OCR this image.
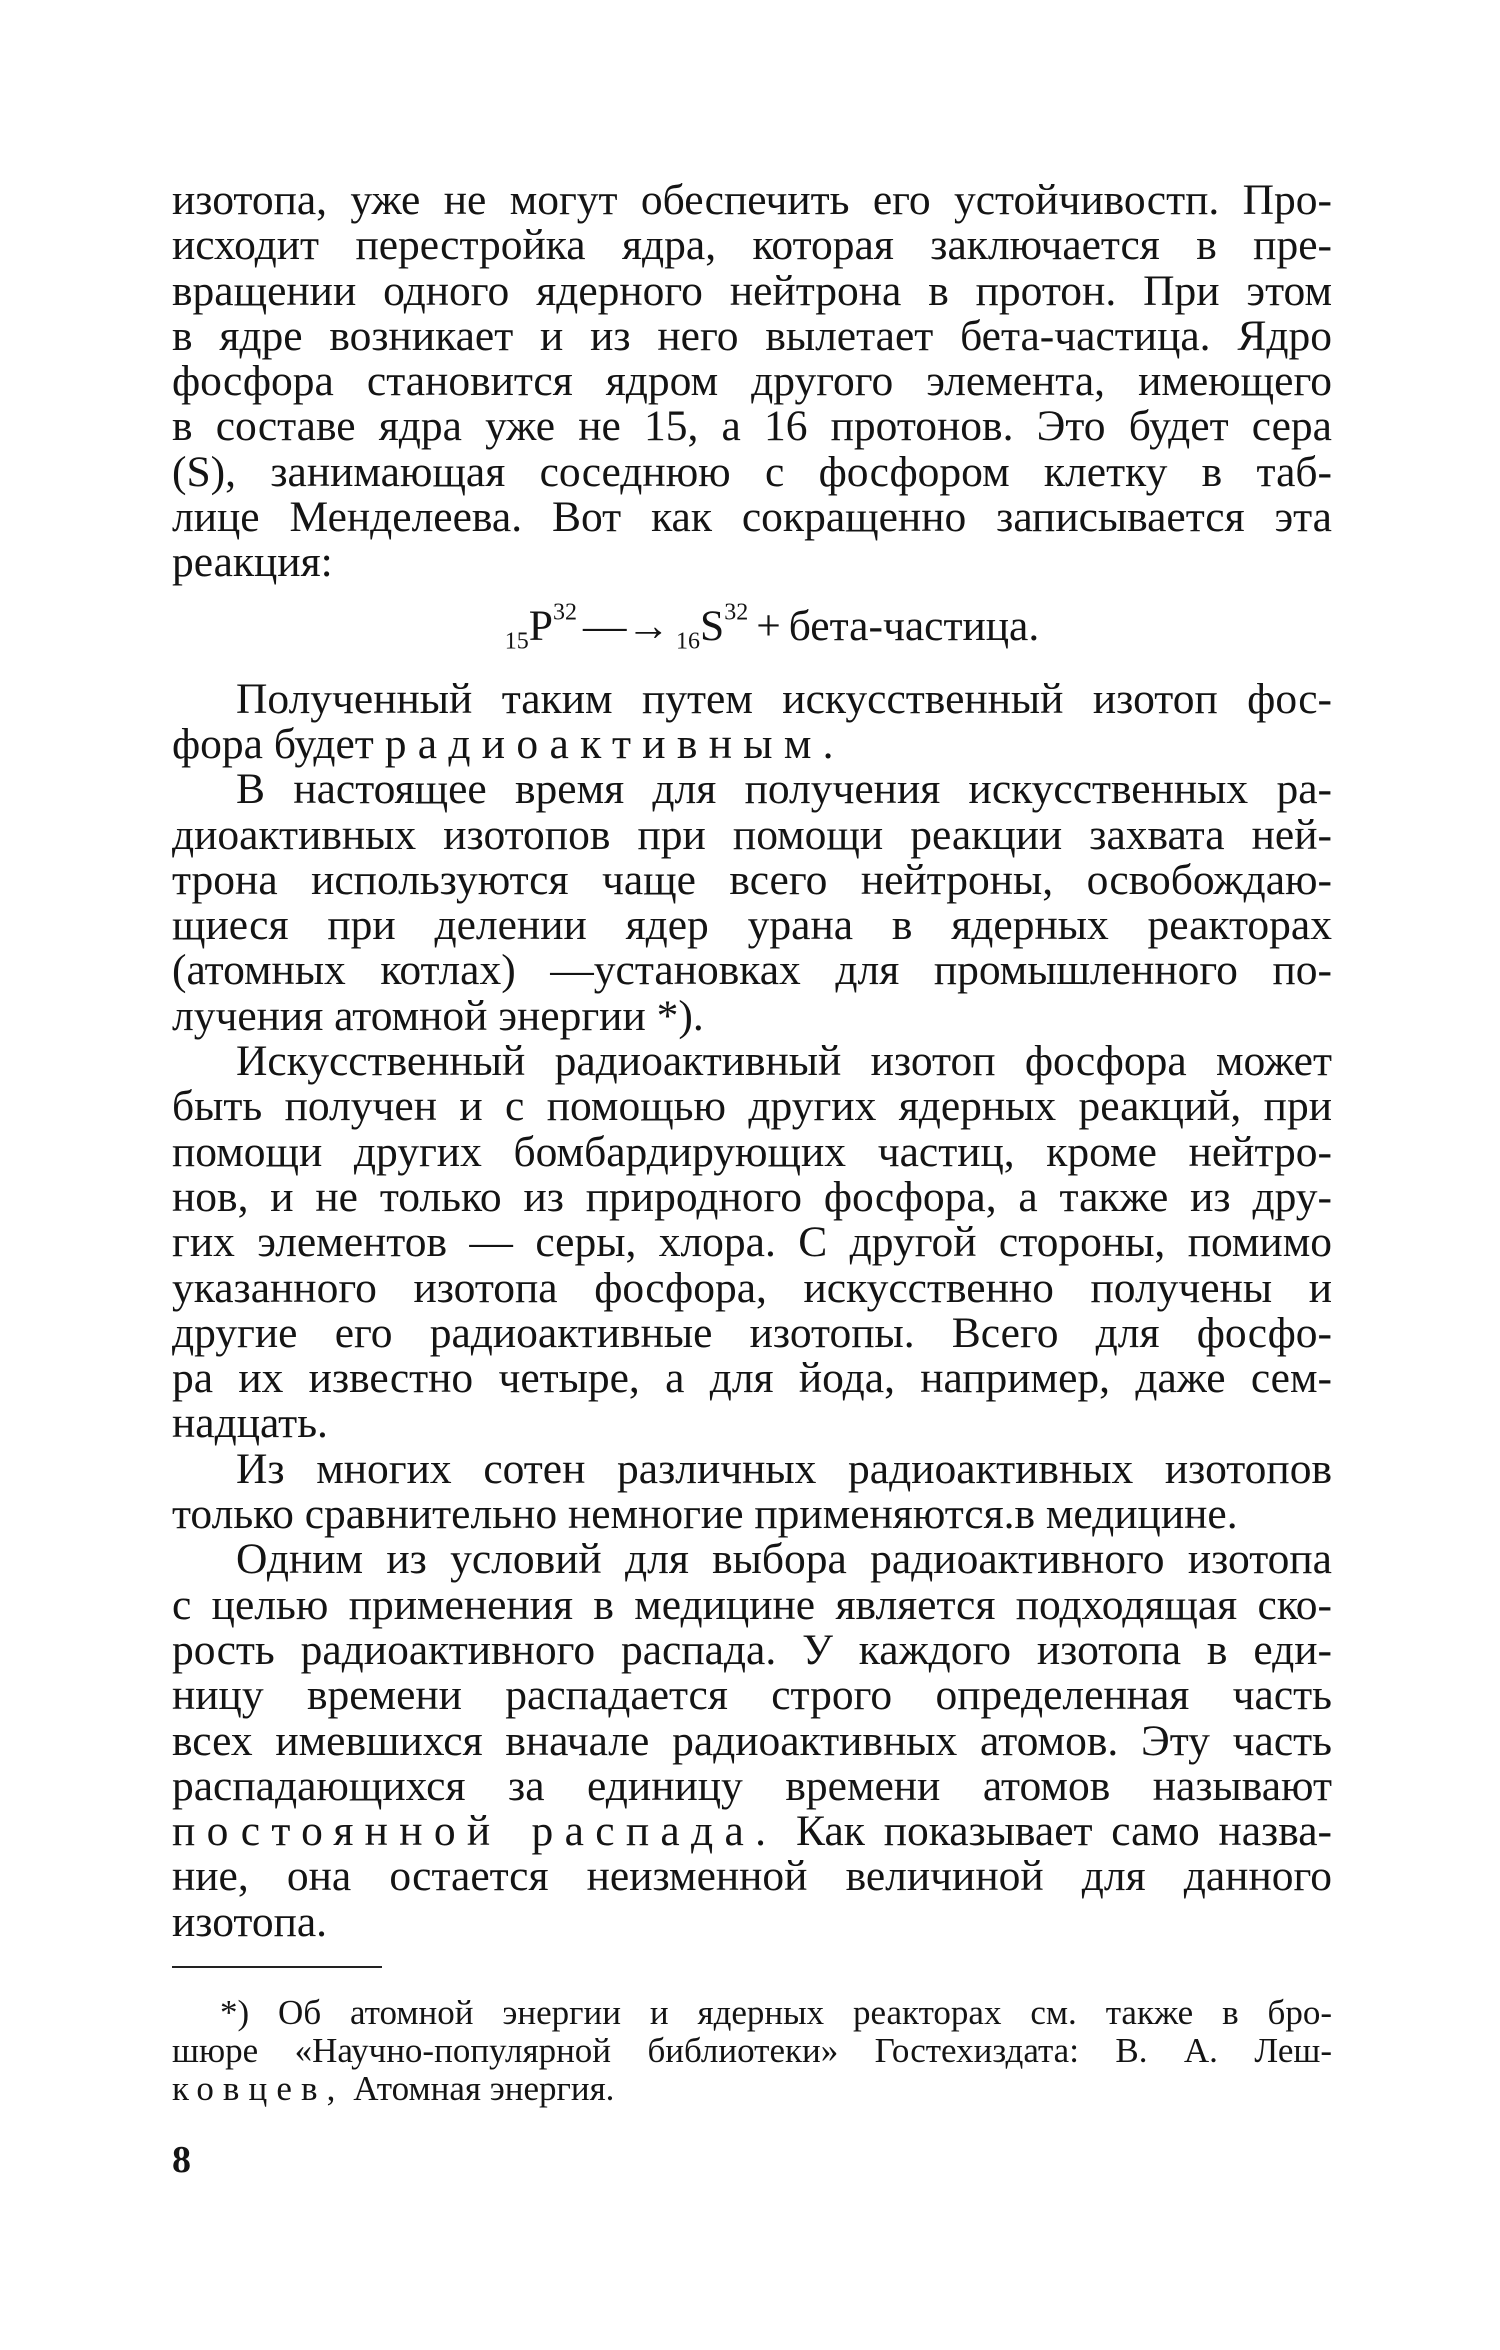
изотопа, уже не могут обеспечить его устойчивостп. Про-
исходит перестройка ядра, которая заключается в пре-
вращении одного ядерного нейтрона в протон. При этом
в ядре возникает и из него вылетает бета-частица. Ядро
фосфора становится ядром другого элемента, имеющего
в составе ядра уже не 15, а 16 протонов. Это будет сера
(S), занимающая соседнюю с фосфором клетку в таб-
лице Менделеева. Вот как сокращенно записывается эта
реакция:
$_{15}P^{32}$ —→ $_{16}S^{32}$ + бета-частица.
Полученный таким путем искусственный изотоп фос-
фора будет радиоактивным.
В настоящее время для получения искусственных ра-
диоактивных изотопов при помощи реакции захвата ней-
трона используются чаще всего нейтроны, освобождаю-
щиеся при делении ядер урана в ядерных реакторах
(атомных котлах) —установках для промышленного по-
лучения атомной энергии *).
Искусственный радиоактивный изотоп фосфора может
быть получен и с помощью других ядерных реакций, при
помощи других бомбардирующих частиц, кроме нейтро-
нов, и не только из природного фосфора, а также из дру-
гих элементов — серы, хлора. С другой стороны, помимо
указанного изотопа фосфора, искусственно получены и
другие его радиоактивные изотопы. Всего для фосфо-
ра их известно четыре, а для йода, например, даже сем-
надцать.
Из многих сотен различных радиоактивных изотопов
только сравнительно немногие применяются.в медицине.
Одним из условий для выбора радиоактивного изотопа
с целью применения в медицине является подходящая ско-
рость радиоактивного распада. У каждого изотопа в еди-
ницу времени распадается строго определенная часть
всех имевшихся вначале радиоактивных атомов. Эту часть
распадающихся за единицу времени атомов называют
постоянной распада. Как показывает само назва-
ние, она остается неизменной величиной для данного
изотопа.
*) Об атомной энергии и ядерных реакторах см. также в бро-
шюре «Научно-популярной библиотеки» Гостехиздата: В. А. Леш-
ковцев, Атомная энергия.
8
